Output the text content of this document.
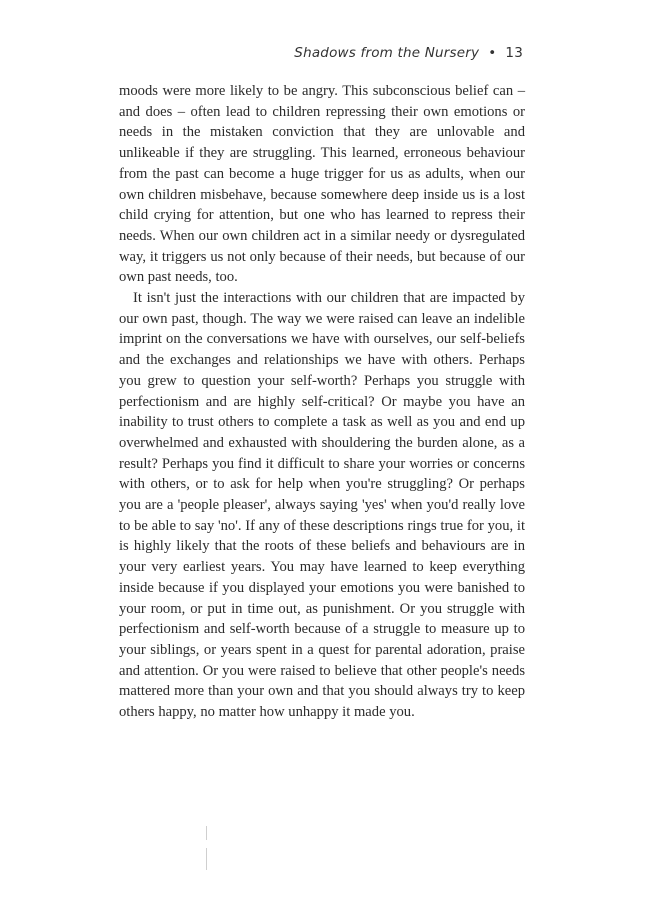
Shadows from the Nursery • 13

moods were more likely to be angry. This subconscious belief can – and does – often lead to children repressing their own emotions or needs in the mistaken conviction that they are unlovable and unlikeable if they are struggling. This learned, erroneous behaviour from the past can become a huge trigger for us as adults, when our own children misbehave, because somewhere deep inside us is a lost child crying for attention, but one who has learned to repress their needs. When our own children act in a similar needy or dysregulated way, it triggers us not only because of their needs, but because of our own past needs, too.

It isn't just the interactions with our children that are impacted by our own past, though. The way we were raised can leave an indelible imprint on the conversations we have with ourselves, our self-beliefs and the exchanges and relationships we have with others. Perhaps you grew to question your self-worth? Perhaps you struggle with perfectionism and are highly self-critical? Or maybe you have an inability to trust others to complete a task as well as you and end up overwhelmed and exhausted with shouldering the burden alone, as a result? Perhaps you find it difficult to share your worries or concerns with others, or to ask for help when you're struggling? Or perhaps you are a 'people pleaser', always saying 'yes' when you'd really love to be able to say 'no'. If any of these descriptions rings true for you, it is highly likely that the roots of these beliefs and behaviours are in your very earliest years. You may have learned to keep everything inside because if you displayed your emotions you were banished to your room, or put in time out, as punishment. Or you struggle with perfectionism and self-worth because of a struggle to measure up to your siblings, or years spent in a quest for parental adoration, praise and attention. Or you were raised to believe that other people's needs mattered more than your own and that you should always try to keep others happy, no matter how unhappy it made you.
